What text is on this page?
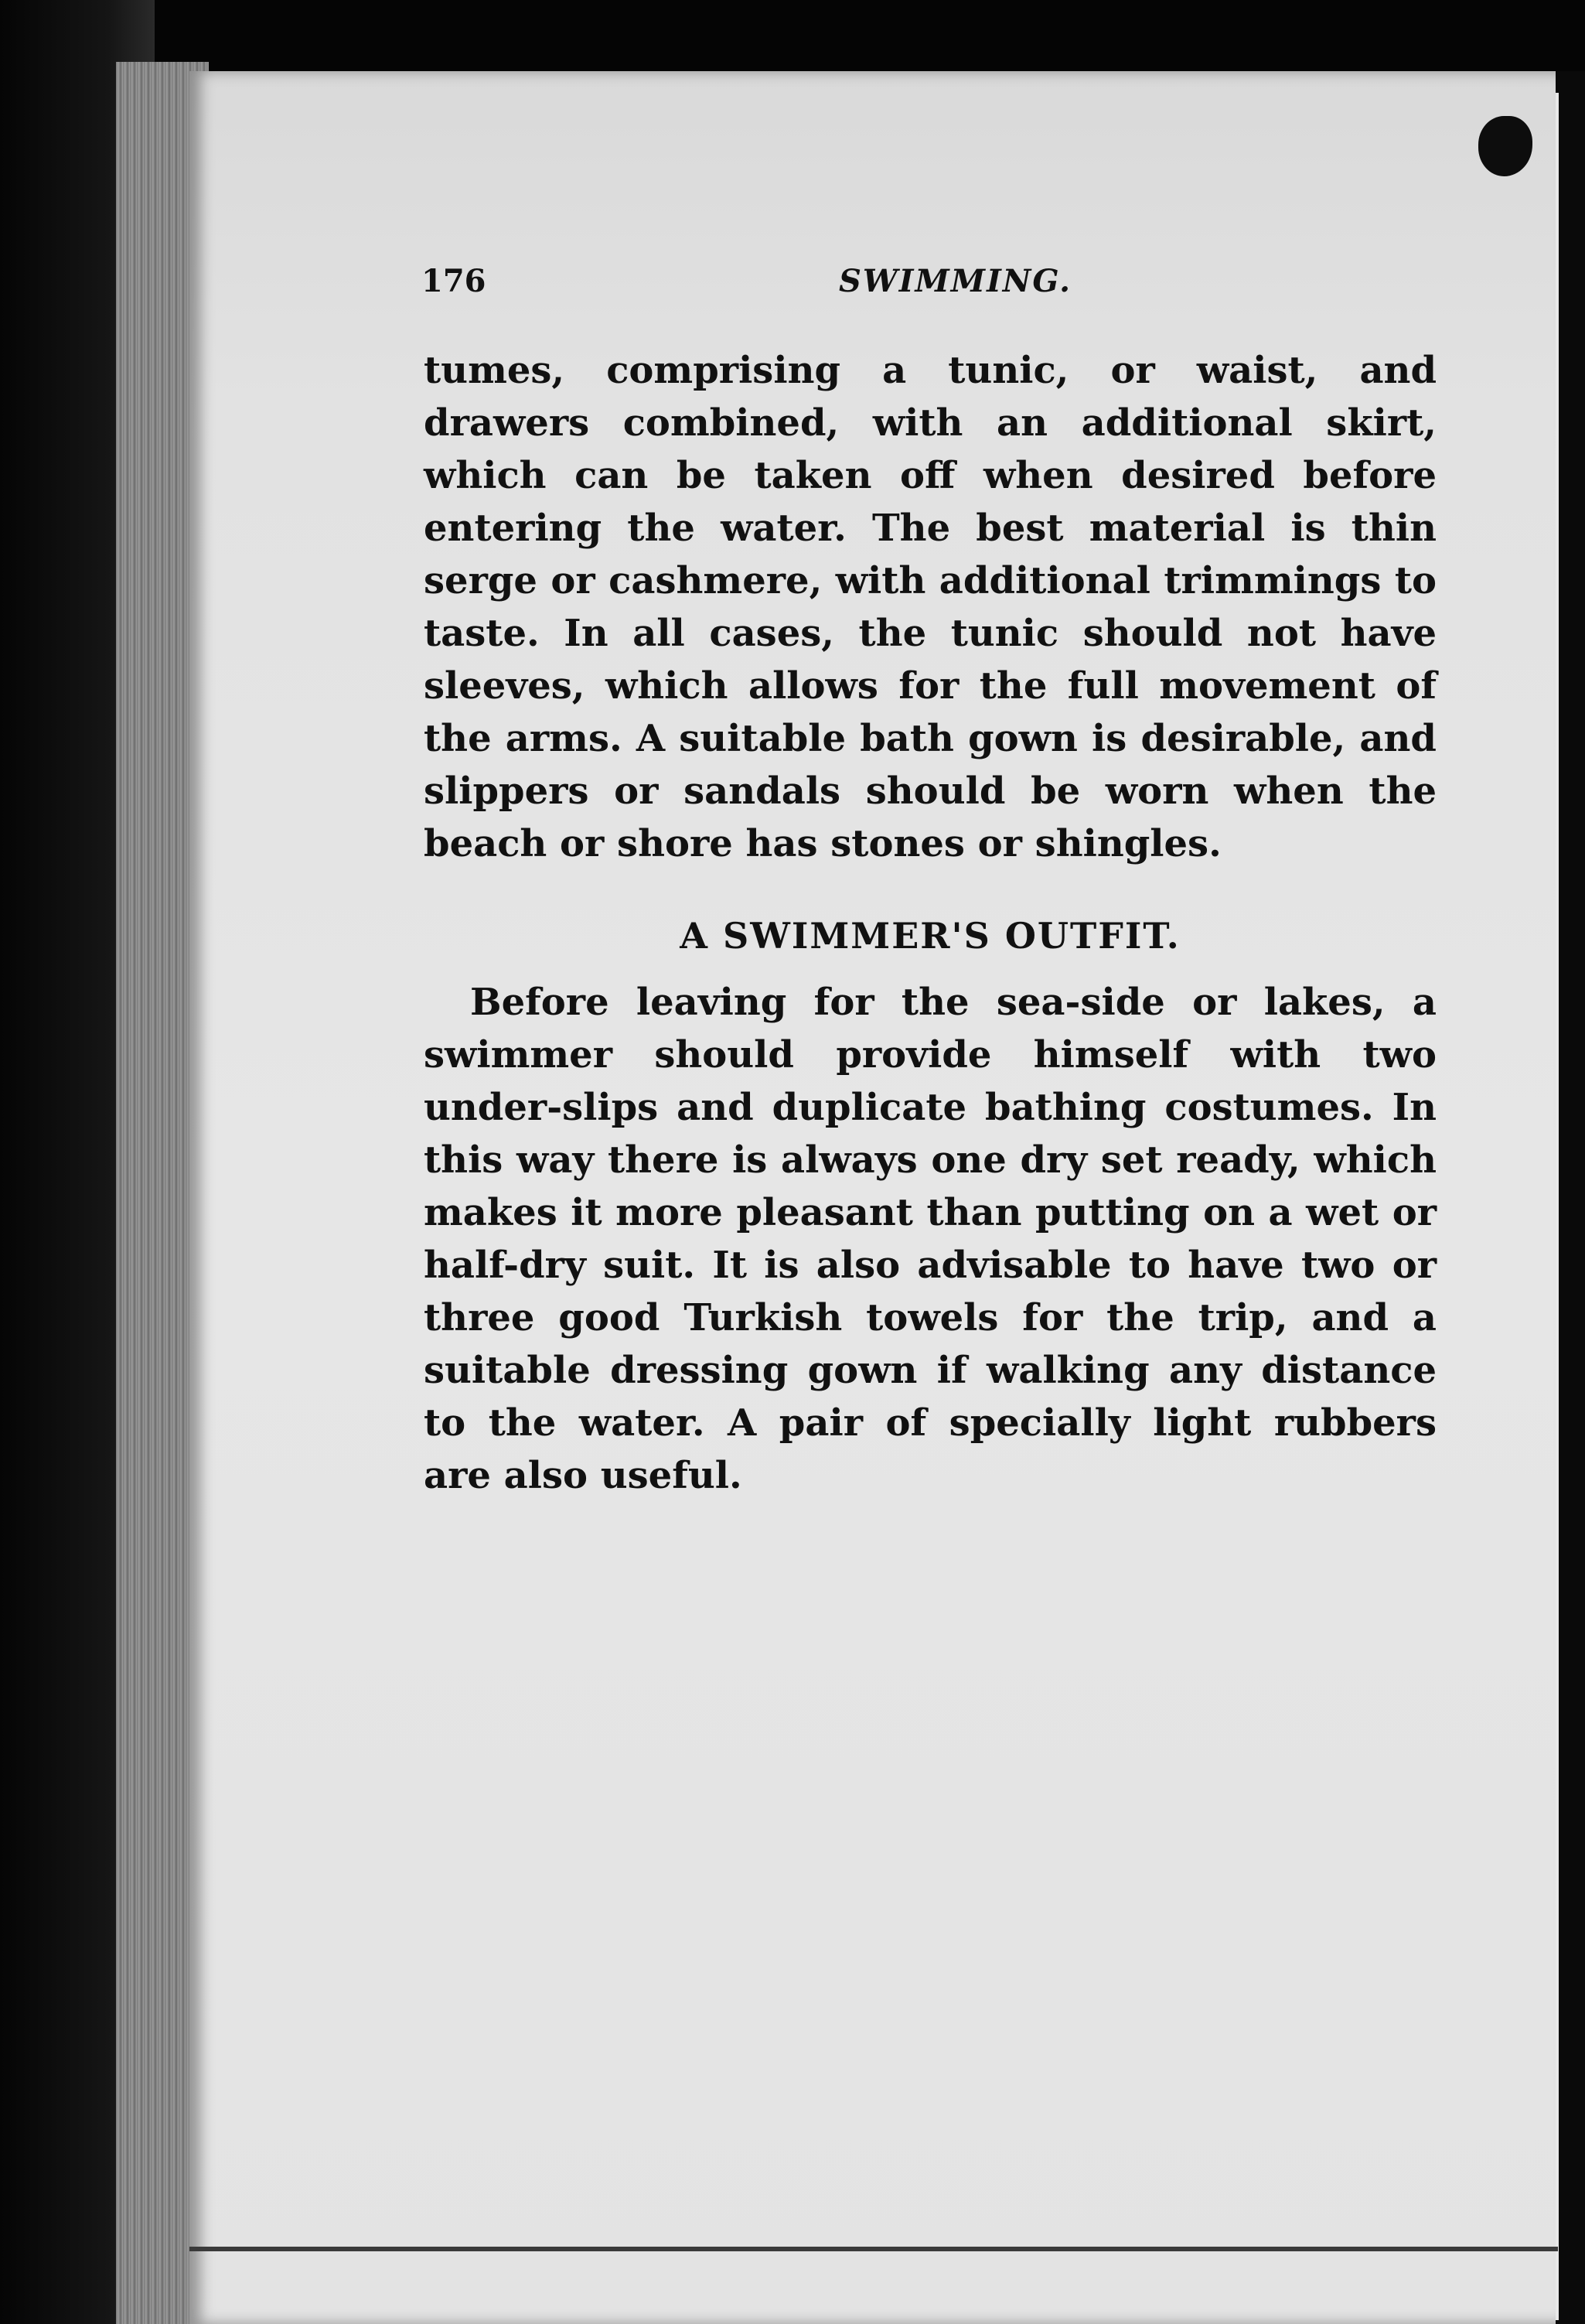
176	SWIMMING.
tumes, comprising a tunic, or waist, and drawers combined, with an additional skirt, which can be taken off when desired before entering the water. The best material is thin serge or cashmere, with additional trimmings to taste. In all cases, the tunic should not have sleeves, which allows for the full movement of the arms. A suitable bath gown is desirable, and slippers or sandals should be worn when the beach or shore has stones or shingles.
A SWIMMER'S OUTFIT.
Before leaving for the sea-side or lakes, a swimmer should provide himself with two under-slips and duplicate bathing costumes. In this way there is always one dry set ready, which makes it more pleasant than putting on a wet or half-dry suit. It is also advisable to have two or three good Turkish towels for the trip, and a suitable dressing gown if walking any distance to the water. A pair of specially light rubbers are also useful.
